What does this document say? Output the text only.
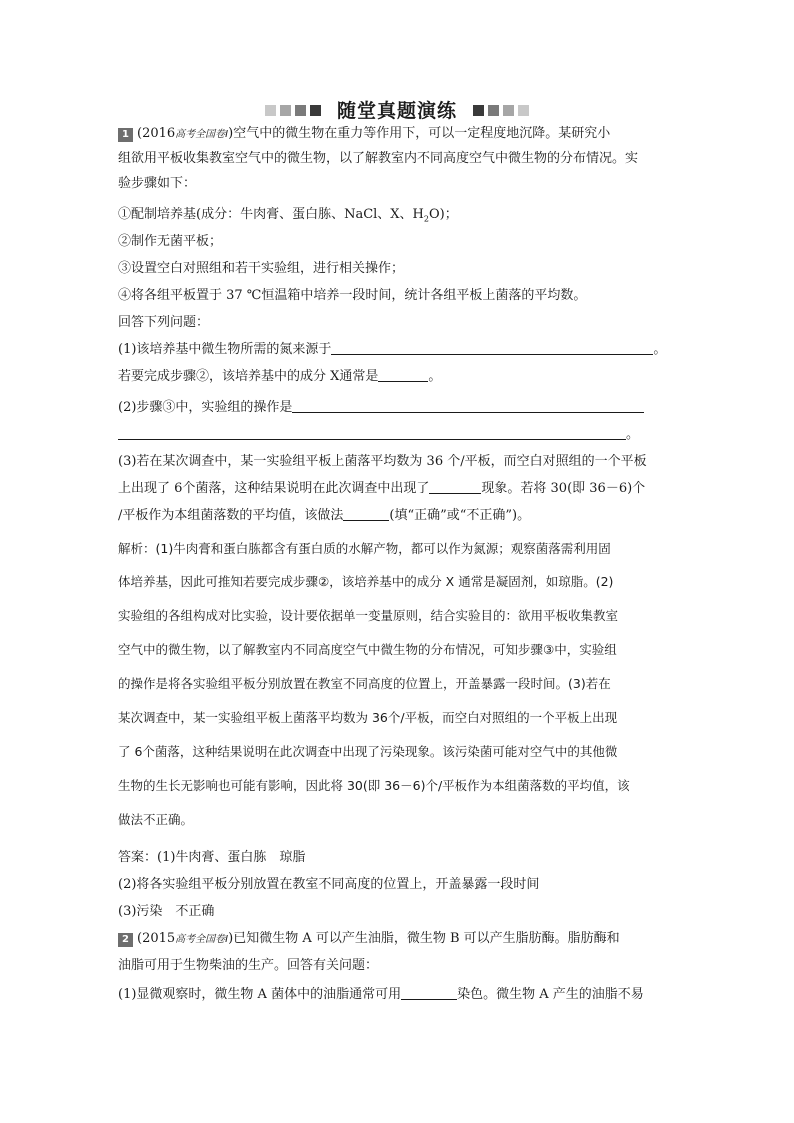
随堂真题演练
1 (2016高考全国卷Ⅰ)空气中的微生物在重力等作用下，可以一定程度地沉降。某研究小
组欲用平板收集教室空气中的微生物，以了解教室内不同高度空气中微生物的分布情况。实
验步骤如下：
①配制培养基(成分：牛肉膏、蛋白胨、NaCl、X、$H_2O$)；
②制作无菌平板；
③设置空白对照组和若干实验组，进行相关操作；
④将各组平板置于 37 ℃恒温箱中培养一段时间，统计各组平板上菌落的平均数。
回答下列问题：
(1)该培养基中微生物所需的氮来源于	。
若要完成步骤②，该培养基中的成分 X通常是	。
(2)步骤③中，实验组的操作是
。
(3)若在某次调查中，某一实验组平板上菌落平均数为 36 个/平板，而空白对照组的一个平板
上出现了 6个菌落，这种结果说明在此次调查中出现了	现象。若将 30(即 36－6)个
/平板作为本组菌落数的平均值，该做法	(填“正确”或“不正确”)。
解析：(1)牛肉膏和蛋白胨都含有蛋白质的水解产物，都可以作为氮源；观察菌落需利用固
体培养基，因此可推知若要完成步骤②，该培养基中的成分 X 通常是凝固剂，如琼脂。(2)
实验组的各组构成对比实验，设计要依据单一变量原则，结合实验目的：欲用平板收集教室
空气中的微生物，以了解教室内不同高度空气中微生物的分布情况，可知步骤③中，实验组
的操作是将各实验组平板分别放置在教室不同高度的位置上，开盖暴露一段时间。(3)若在
某次调查中，某一实验组平板上菌落平均数为 36个/平板，而空白对照组的一个平板上出现
了 6个菌落，这种结果说明在此次调查中出现了污染现象。该污染菌可能对空气中的其他微
生物的生长无影响也可能有影响，因此将 30(即 36－6)个/平板作为本组菌落数的平均值，该
做法不正确。
答案：(1)牛肉膏、蛋白胨　琼脂
(2)将各实验组平板分别放置在教室不同高度的位置上，开盖暴露一段时间
(3)污染　不正确
2 (2015高考全国卷Ⅰ)已知微生物 A 可以产生油脂，微生物 B 可以产生脂肪酶。脂肪酶和
油脂可用于生物柴油的生产。回答有关问题：
(1)显微观察时，微生物 A 菌体中的油脂通常可用	染色。微生物 A 产生的油脂不易
